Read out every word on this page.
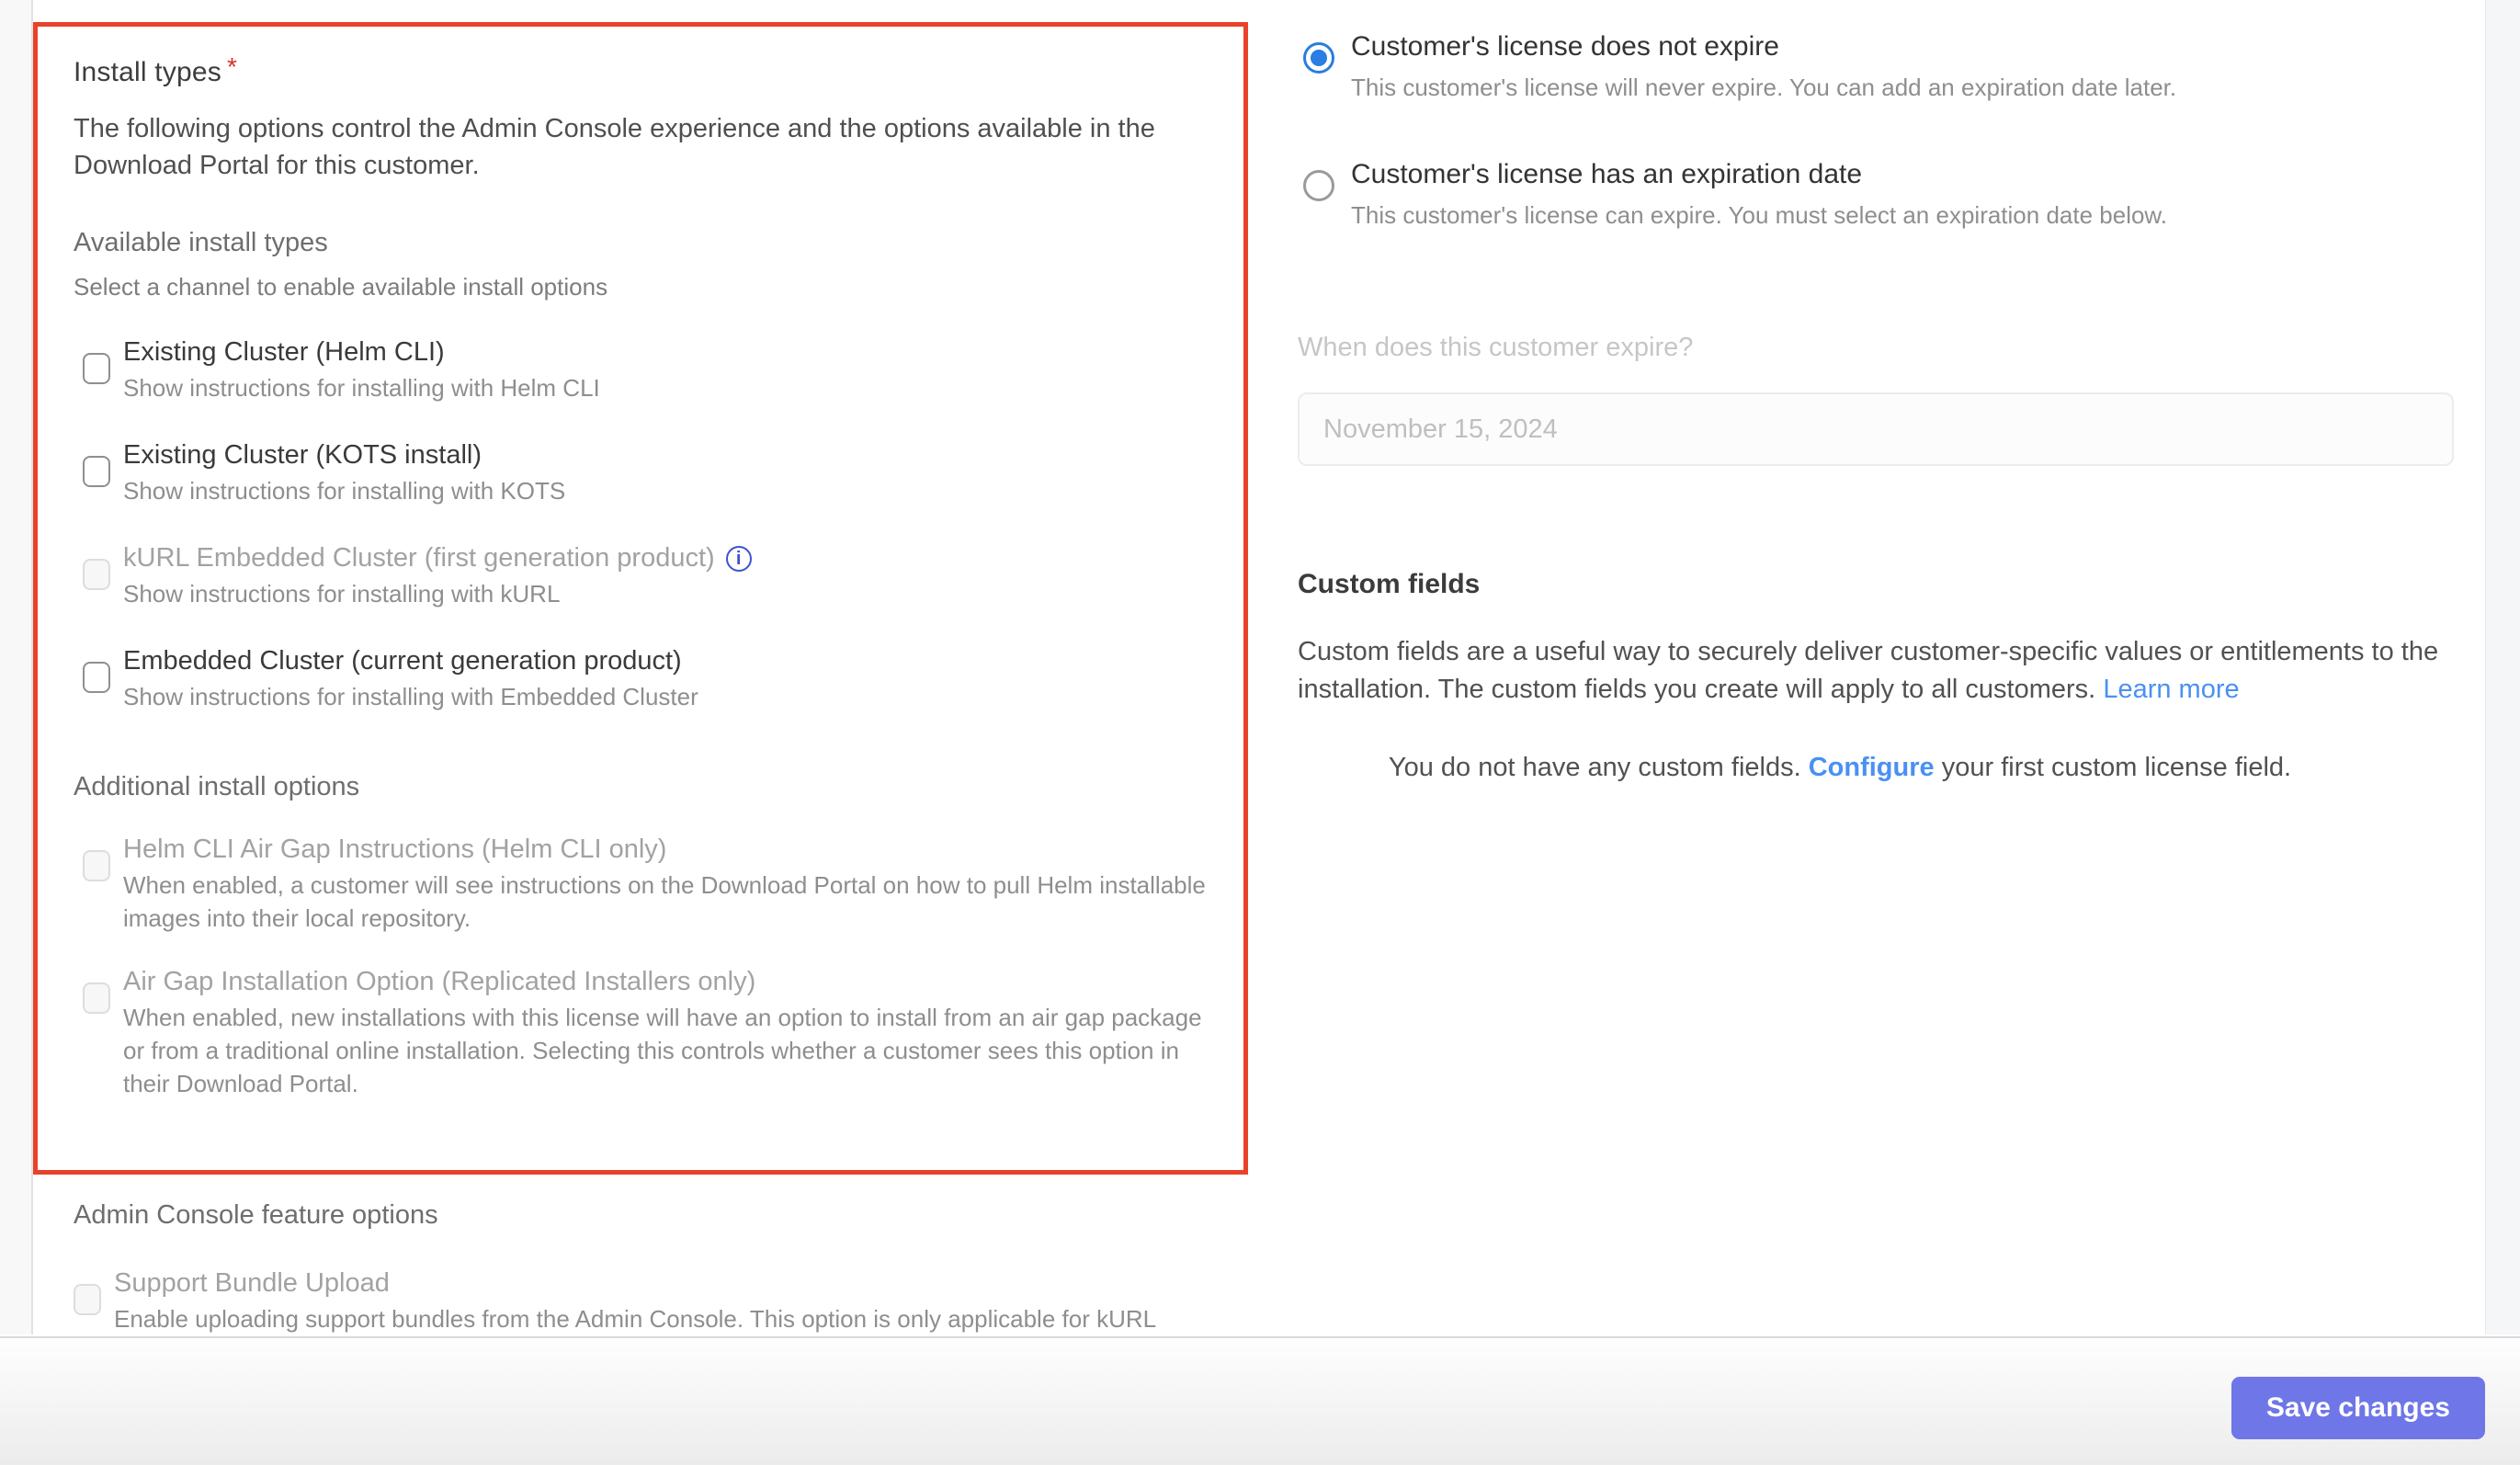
Install types *
The following options control the Admin Console experience and the options available in the Download Portal for this customer.
Available install types
Select a channel to enable available install options
Existing Cluster (Helm CLI)
Show instructions for installing with Helm CLI
Existing Cluster (KOTS install)
Show instructions for installing with KOTS
kURL Embedded Cluster (first generation product) i
Show instructions for installing with kURL
Embedded Cluster (current generation product)
Show instructions for installing with Embedded Cluster
Additional install options
Helm CLI Air Gap Instructions (Helm CLI only)
When enabled, a customer will see instructions on the Download Portal on how to pull Helm installable images into their local repository.
Air Gap Installation Option (Replicated Installers only)
When enabled, new installations with this license will have an option to install from an air gap package or from a traditional online installation. Selecting this controls whether a customer sees this option in their Download Portal.
Admin Console feature options
Support Bundle Upload
Enable uploading support bundles from the Admin Console. This option is only applicable for kURL
Customer's license does not expire
This customer's license will never expire. You can add an expiration date later.
Customer's license has an expiration date
This customer's license can expire. You must select an expiration date below.
When does this customer expire?
November 15, 2024
Custom fields
Custom fields are a useful way to securely deliver customer-specific values or entitlements to the installation. The custom fields you create will apply to all customers. Learn more
You do not have any custom fields. Configure your first custom license field.
Save changes
